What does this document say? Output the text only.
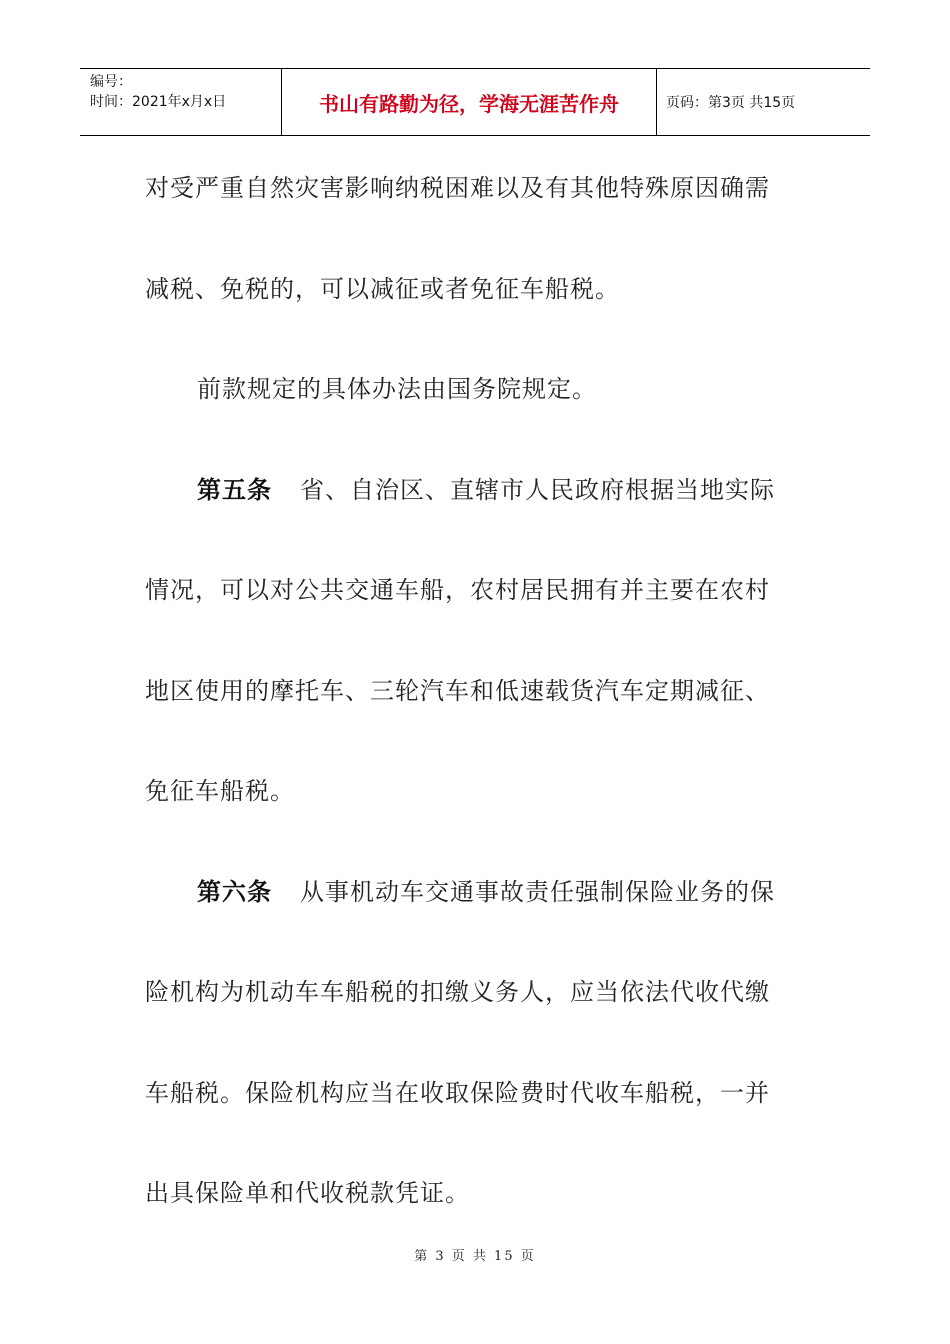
编号：
时间：2021年x月x日	书山有路勤为径，学海无涯苦作舟	页码：第3页 共15页
对受严重自然灾害影响纳税困难以及有其他特殊原因确需
减税、免税的，可以减征或者免征车船税。
前款规定的具体办法由国务院规定。
第五条 省、自治区、直辖市人民政府根据当地实际
情况，可以对公共交通车船，农村居民拥有并主要在农村
地区使用的摩托车、三轮汽车和低速载货汽车定期减征、
免征车船税。
第六条 从事机动车交通事故责任强制保险业务的保
险机构为机动车车船税的扣缴义务人，应当依法代收代缴
车船税。保险机构应当在收取保险费时代收车船税，一并
出具保险单和代收税款凭证。
第 3 页 共 15 页
